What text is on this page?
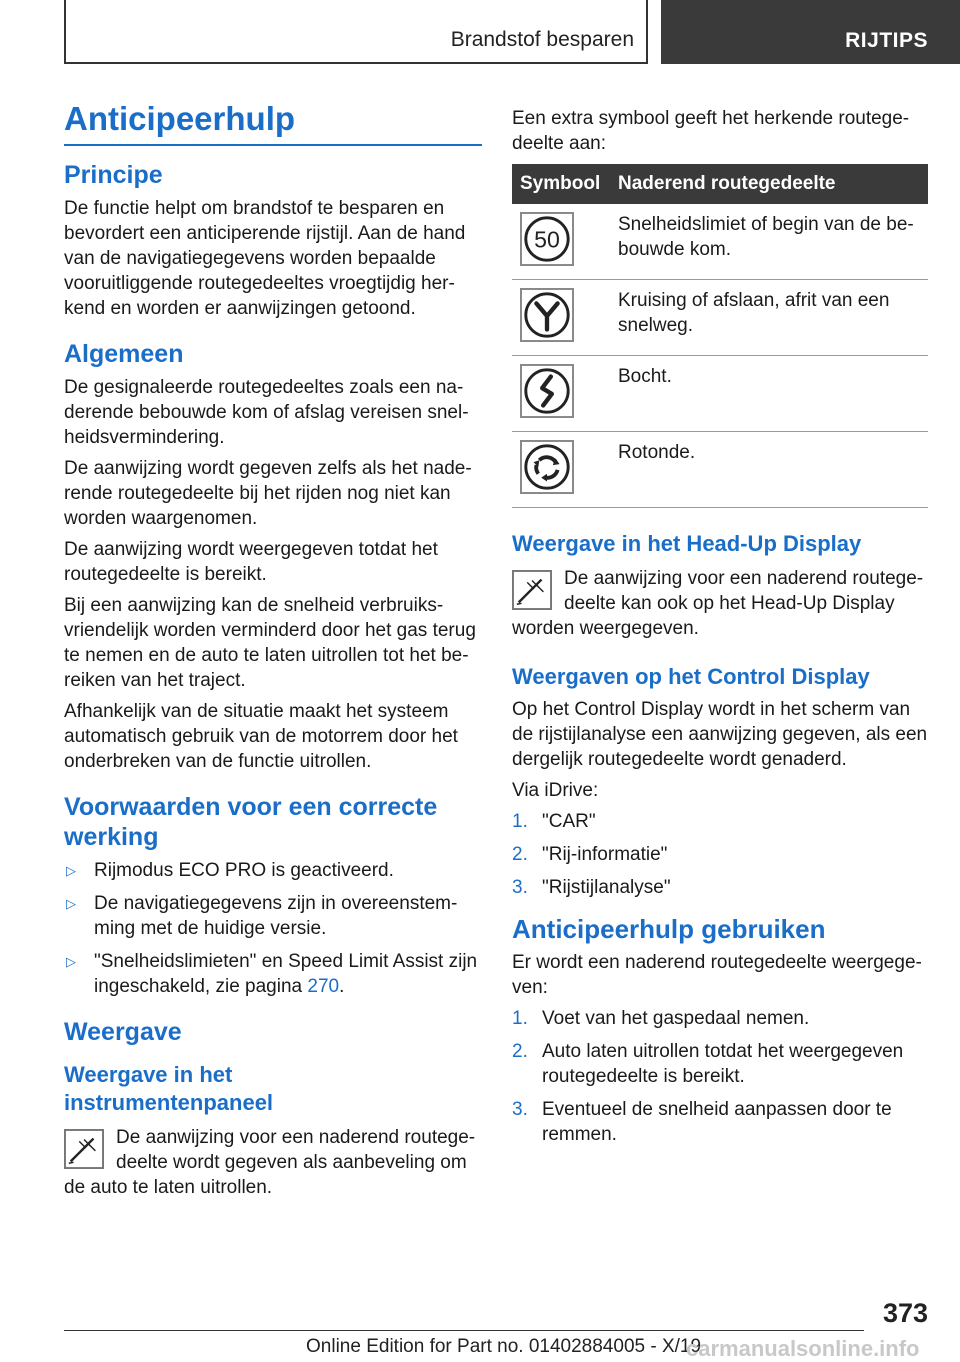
Brandstof besparen	RIJTIPS
Anticipeerhulp
Principe

De functie helpt om brandstof te besparen en bevordert een anticiperende rijstijl. Aan de hand van de navigatiegegevens worden bepaalde vooruitliggende routegedeeltes vroegtijdig her-kend en worden er aanwijzingen getoond.

Algemeen

De gesignaleerde routegedeeltes zoals een na-derende bebouwde kom of afslag vereisen snel-heidsvermindering.

De aanwijzing wordt gegeven zelfs als het nade-rende routegedeelte bij het rijden nog niet kan worden waargenomen.

De aanwijzing wordt weergegeven totdat het routegedeelte is bereikt.

Bij een aanwijzing kan de snelheid verbruiks-vriendelijk worden verminderd door het gas terug te nemen en de auto te laten uitrollen tot het be-reiken van het traject.

Afhankelijk van de situatie maakt het systeem automatisch gebruik van de motorrem door het onderbreken van de functie uitrollen.

Voorwaarden voor een correcte werking
▷ Rijmodus ECO PRO is geactiveerd.
▷ De navigatiegegevens zijn in overeenstem-ming met de huidige versie.
▷ "Snelheidslimieten" en Speed Limit Assist zijn ingeschakeld, zie pagina 270.
Weergave
Weergave in het instrumentenpaneel

De aanwijzing voor een naderend routege-deelte wordt gegeven als aanbeveling om

de auto te laten uitrollen.

Een extra symbool geeft het herkende routege-deelte aan:

Symbool	Naderend routegedeelte

50	Snelheidslimiet of begin van de be-bouwde kom.

	Kruising of afslaan, afrit van een snelweg.

	Bocht.

	Rotonde.
Weergave in het Head-Up Display

De aanwijzing voor een naderend routege-deelte kan ook op het Head-Up Display

worden weergegeven.

Weergaven op het Control Display

Op het Control Display wordt in het scherm van de rijstijlanalyse een aanwijzing gegeven, als een dergelijk routegedeelte wordt genaderd.

Via iDrive:

1. "CAR"
2. "Rij-informatie"
3. "Rijstijlanalyse"
Anticipeerhulp gebruiken

Er wordt een naderend routegedeelte weergege-ven:

1. Voet van het gaspedaal nemen.
2. Auto laten uitrollen totdat het weergegeven routegedeelte is bereikt.
3. Eventueel de snelheid aanpassen door te remmen.
373
Online Edition for Part no. 01402884005 - X/19
carmanualsonline.info
